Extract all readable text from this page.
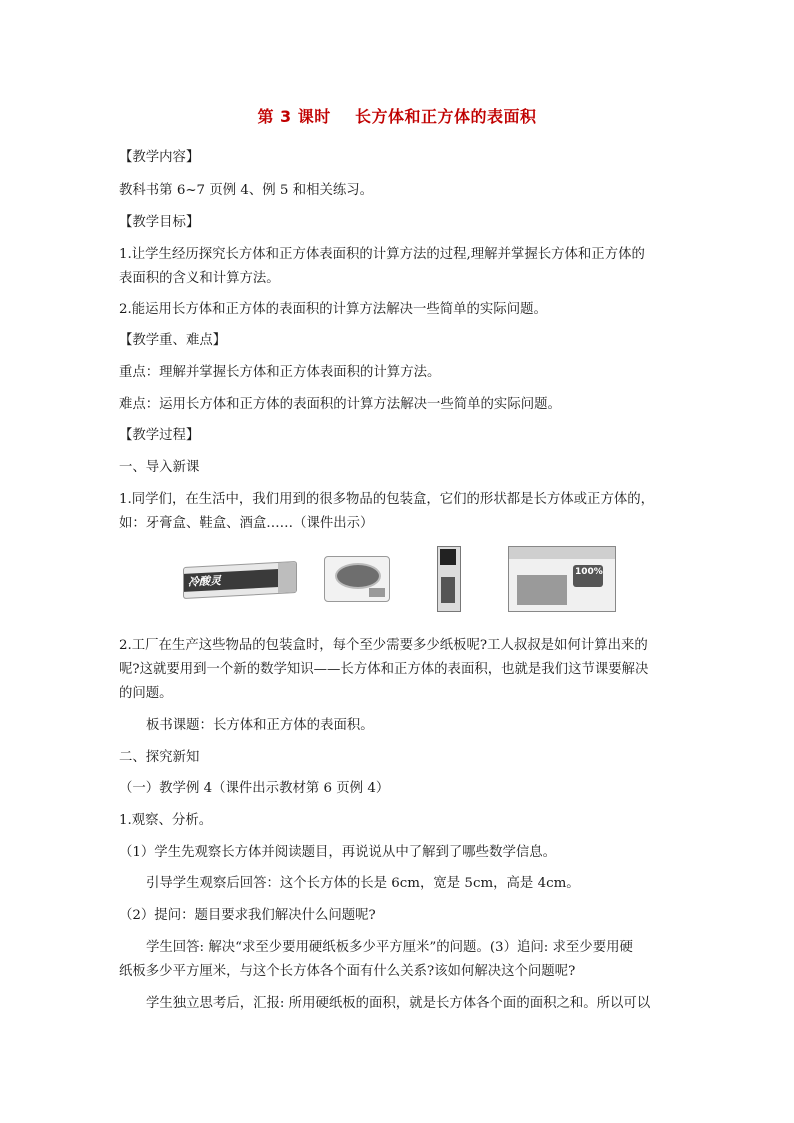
第 3 课时    长方体和正方体的表面积
【教学内容】
教科书第 6~7 页例 4、例 5 和相关练习。
【教学目标】
1.让学生经历探究长方体和正方体表面积的计算方法的过程,理解并掌握长方体和正方体的
表面积的含义和计算方法。
2.能运用长方体和正方体的表面积的计算方法解决一些简单的实际问题。
【教学重、难点】
重点：理解并掌握长方体和正方体表面积的计算方法。
难点：运用长方体和正方体的表面积的计算方法解决一些简单的实际问题。
【教学过程】
一、导入新课
1.同学们，在生活中，我们用到的很多物品的包装盒，它们的形状都是长方体或正方体的，
如：牙膏盒、鞋盒、酒盒……（课件出示）
冷酸灵
100%
2.工厂在生产这些物品的包装盒时，每个至少需要多少纸板呢?工人叔叔是如何计算出来的
呢?这就要用到一个新的数学知识——长方体和正方体的表面积，也就是我们这节课要解决
的问题。
板书课题：长方体和正方体的表面积。
二、探究新知
（一）教学例 4（课件出示教材第 6 页例 4）
1.观察、分析。
（1）学生先观察长方体并阅读题目，再说说从中了解到了哪些数学信息。
引导学生观察后回答：这个长方体的长是 6cm，宽是 5cm，高是 4cm。
（2）提问：题目要求我们解决什么问题呢?
学生回答: 解决“求至少要用硬纸板多少平方厘米”的问题。(3）追问: 求至少要用硬
纸板多少平方厘米，与这个长方体各个面有什么关系?该如何解决这个问题呢?
学生独立思考后，汇报: 所用硬纸板的面积，就是长方体各个面的面积之和。所以可以
